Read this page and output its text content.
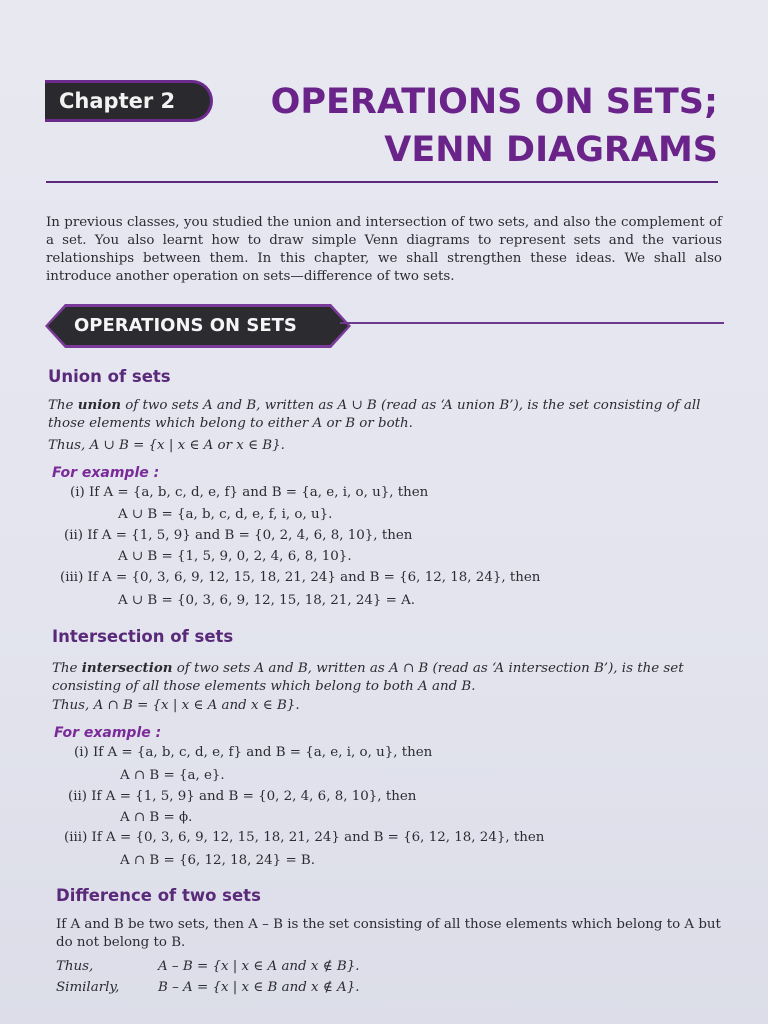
Chapter 2	OPERATIONS ON SETS;
VENN DIAGRAMS
In previous classes, you studied the union and intersection of two sets, and also the complement of a set. You also learnt how to draw simple Venn diagrams to represent sets and the various relationships between them. In this chapter, we shall strengthen these ideas. We shall also introduce another operation on sets—difference of two sets.
OPERATIONS ON SETS
Union of sets
The union of two sets A and B, written as A ∪ B (read as ‘A union B’), is the set consisting of all those elements which belong to either A or B or both.
Thus, A ∪ B = {x | x ∈ A or x ∈ B}.
For example :
(i) If A = {a, b, c, d, e, f} and B = {a, e, i, o, u}, then
A ∪ B = {a, b, c, d, e, f, i, o, u}.
(ii) If A = {1, 5, 9} and B = {0, 2, 4, 6, 8, 10}, then
A ∪ B = {1, 5, 9, 0, 2, 4, 6, 8, 10}.
(iii) If A = {0, 3, 6, 9, 12, 15, 18, 21, 24} and B = {6, 12, 18, 24}, then
A ∪ B = {0, 3, 6, 9, 12, 15, 18, 21, 24} = A.
Intersection of sets
The intersection of two sets A and B, written as A ∩ B (read as ‘A intersection B’), is the set consisting of all those elements which belong to both A and B.
Thus, A ∩ B = {x | x ∈ A and x ∈ B}.
For example :
(i) If A = {a, b, c, d, e, f} and B = {a, e, i, o, u}, then
A ∩ B = {a, e}.
(ii) If A = {1, 5, 9} and B = {0, 2, 4, 6, 8, 10}, then
A ∩ B = ϕ.
(iii) If A = {0, 3, 6, 9, 12, 15, 18, 21, 24} and B = {6, 12, 18, 24}, then
A ∩ B = {6, 12, 18, 24} = B.
Difference of two sets
If A and B be two sets, then A – B is the set consisting of all those elements which belong to A but do not belong to B.
Thus,	A – B = {x | x ∈ A and x ∉ B}.
Similarly,	B – A = {x | x ∈ B and x ∉ A}.
